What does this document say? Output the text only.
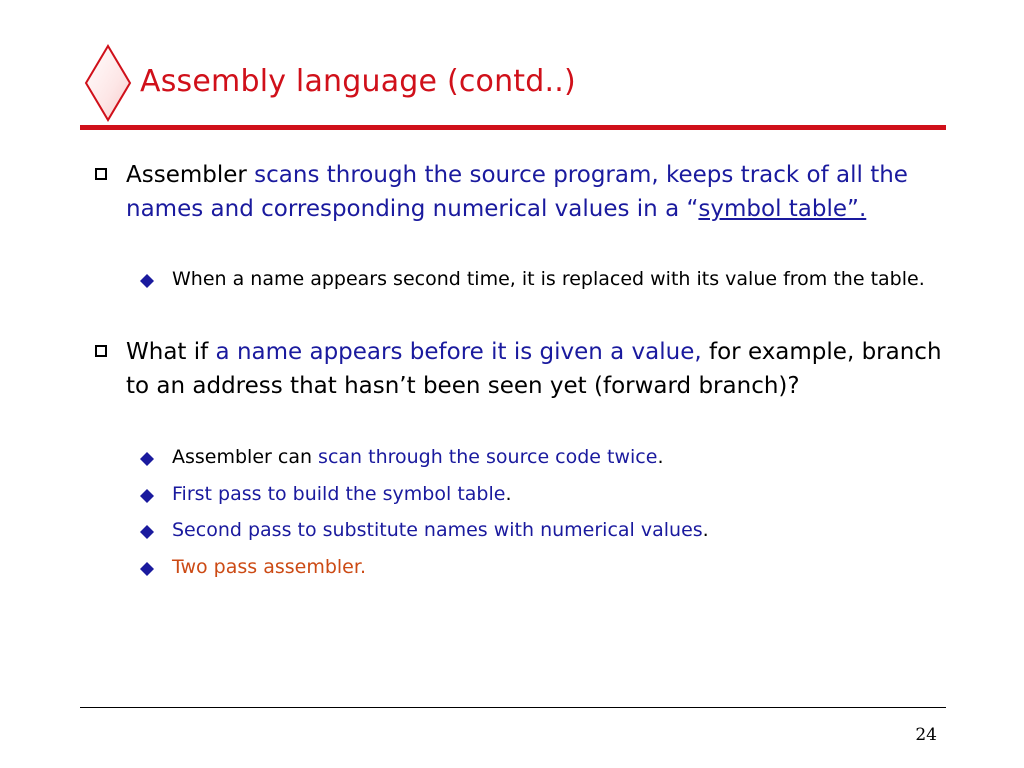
Assembly language (contd..)
Assembler scans through the source program, keeps track of all the names and corresponding numerical values in a “symbol table”.
When a name appears second time, it is replaced with its value from the table.
What if a name appears before it is given a value, for example, branch to an address that hasn’t been seen yet (forward branch)?
Assembler can scan through the source code twice.
First pass to build the symbol table.
Second pass to substitute names with numerical values.
Two pass assembler.
24
